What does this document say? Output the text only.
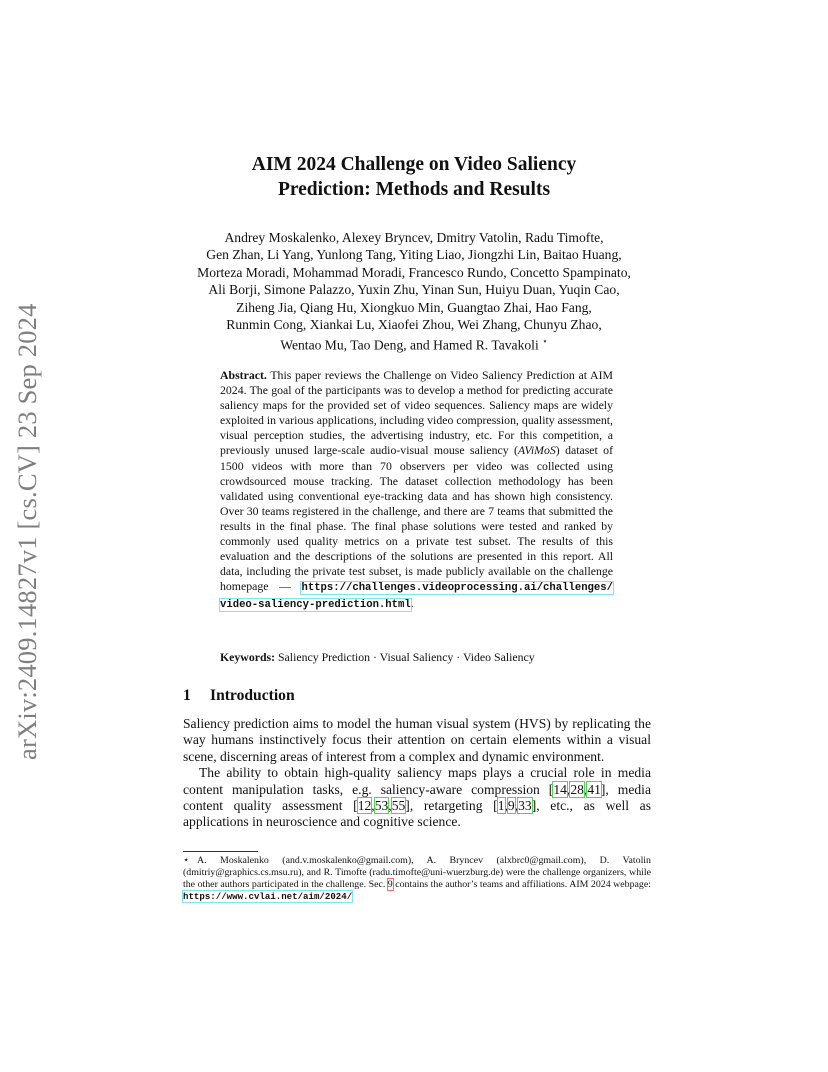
arXiv:2409.14827v1 [cs.CV] 23 Sep 2024
AIM 2024 Challenge on Video Saliency
Prediction: Methods and Results
Andrey Moskalenko, Alexey Bryncev, Dmitry Vatolin, Radu Timofte,
Gen Zhan, Li Yang, Yunlong Tang, Yiting Liao, Jiongzhi Lin, Baitao Huang,
Morteza Moradi, Mohammad Moradi, Francesco Rundo, Concetto Spampinato,
Ali Borji, Simone Palazzo, Yuxin Zhu, Yinan Sun, Huiyu Duan, Yuqin Cao,
Ziheng Jia, Qiang Hu, Xiongkuo Min, Guangtao Zhai, Hao Fang,
Runmin Cong, Xiankai Lu, Xiaofei Zhou, Wei Zhang, Chunyu Zhao,
Wentao Mu, Tao Deng, and Hamed R. Tavakoli ⋆

Abstract. This paper reviews the Challenge on Video Saliency Prediction at AIM 2024. The goal of the participants was to develop a method for predicting accurate saliency maps for the provided set of video sequences. Saliency maps are widely exploited in various applications, including video compression, quality assessment, visual perception studies, the advertising industry, etc. For this competition, a previously unused large-scale audio-visual mouse saliency (AViMoS) dataset of 1500 videos with more than 70 observers per video was collected using crowdsourced mouse tracking. The dataset collection methodology has been validated using conventional eye-tracking data and has shown high consistency. Over 30 teams registered in the challenge, and there are 7 teams that submitted the results in the final phase. The final phase solutions were tested and ranked by commonly used quality metrics on a private test subset. The results of this evaluation and the descriptions of the solutions are presented in this report. All data, including the private test subset, is made publicly available on the challenge homepage — https://challenges.videoprocessing.ai/challenges/ video-saliency-prediction.html.

Keywords: Saliency Prediction · Visual Saliency · Video Saliency

1 Introduction

Saliency prediction aims to model the human visual system (HVS) by replicating the way humans instinctively focus their attention on certain elements within a visual scene, discerning areas of interest from a complex and dynamic environment.

The ability to obtain high-quality saliency maps plays a crucial role in media content manipulation tasks, e.g. saliency-aware compression [14,28,41], media content quality assessment [12,53,55], retargeting [1,9,33], etc., as well as applications in neuroscience and cognitive science.

⋆ A. Moskalenko (and.v.moskalenko@gmail.com), A. Bryncev (alxbrc0@gmail.com), D. Vatolin (dmitriy@graphics.cs.msu.ru), and R. Timofte (radu.timofte@uni-wuerzburg.de) were the challenge organizers, while the other authors participated in the challenge. Sec. 9 contains the author’s teams and affiliations. AIM 2024 webpage: https://www.cvlai.net/aim/2024/
